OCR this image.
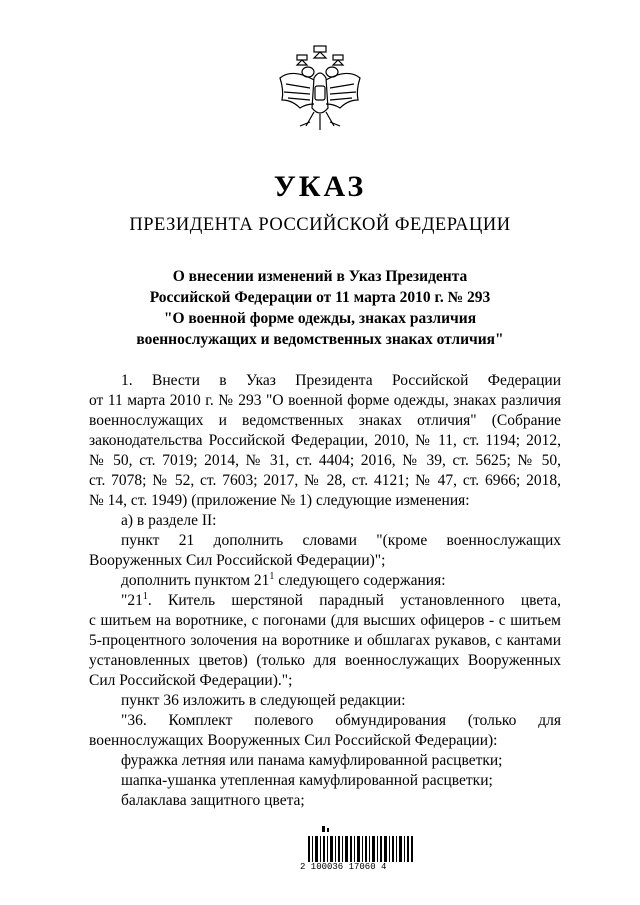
УКАЗ
ПРЕЗИДЕНТА РОССИЙСКОЙ ФЕДЕРАЦИИ
О внесении изменений в Указ Президента
Российской Федерации от 11 марта 2010 г. № 293
"О военной форме одежды, знаках различия
военнослужащих и ведомственных знаках отличия"
1. Внести в Указ Президента Российской Федерации
от 11 марта 2010 г. № 293 "О военной форме одежды, знаках различия
военнослужащих и ведомственных знаках отличия" (Собрание
законодательства Российской Федерации, 2010, № 11, ст. 1194; 2012,
№ 50, ст. 7019; 2014, № 31, ст. 4404; 2016, № 39, ст. 5625; № 50,
ст. 7078; № 52, ст. 7603; 2017, № 28, ст. 4121; № 47, ст. 6966; 2018,
№ 14, ст. 1949) (приложение № 1) следующие изменения:
а) в разделе II:
пункт 21 дополнить словами "(кроме военнослужащих
Вооруженных Сил Российской Федерации)";
дополнить пунктом $21^1$ следующего содержания:
"$21^1$. Китель шерстяной парадный установленного цвета,
с шитьем на воротнике, с погонами (для высших офицеров - с шитьем
5-процентного золочения на воротнике и обшлагах рукавов, с кантами
установленных цветов) (только для военнослужащих Вооруженных
Сил Российской Федерации).";
пункт 36 изложить в следующей редакции:
"36. Комплект полевого обмундирования (только для
военнослужащих Вооруженных Сил Российской Федерации):
фуражка летняя или панама камуфлированной расцветки;
шапка-ушанка утепленная камуфлированной расцветки;
балаклава защитного цвета;
2 100036 17060 4
